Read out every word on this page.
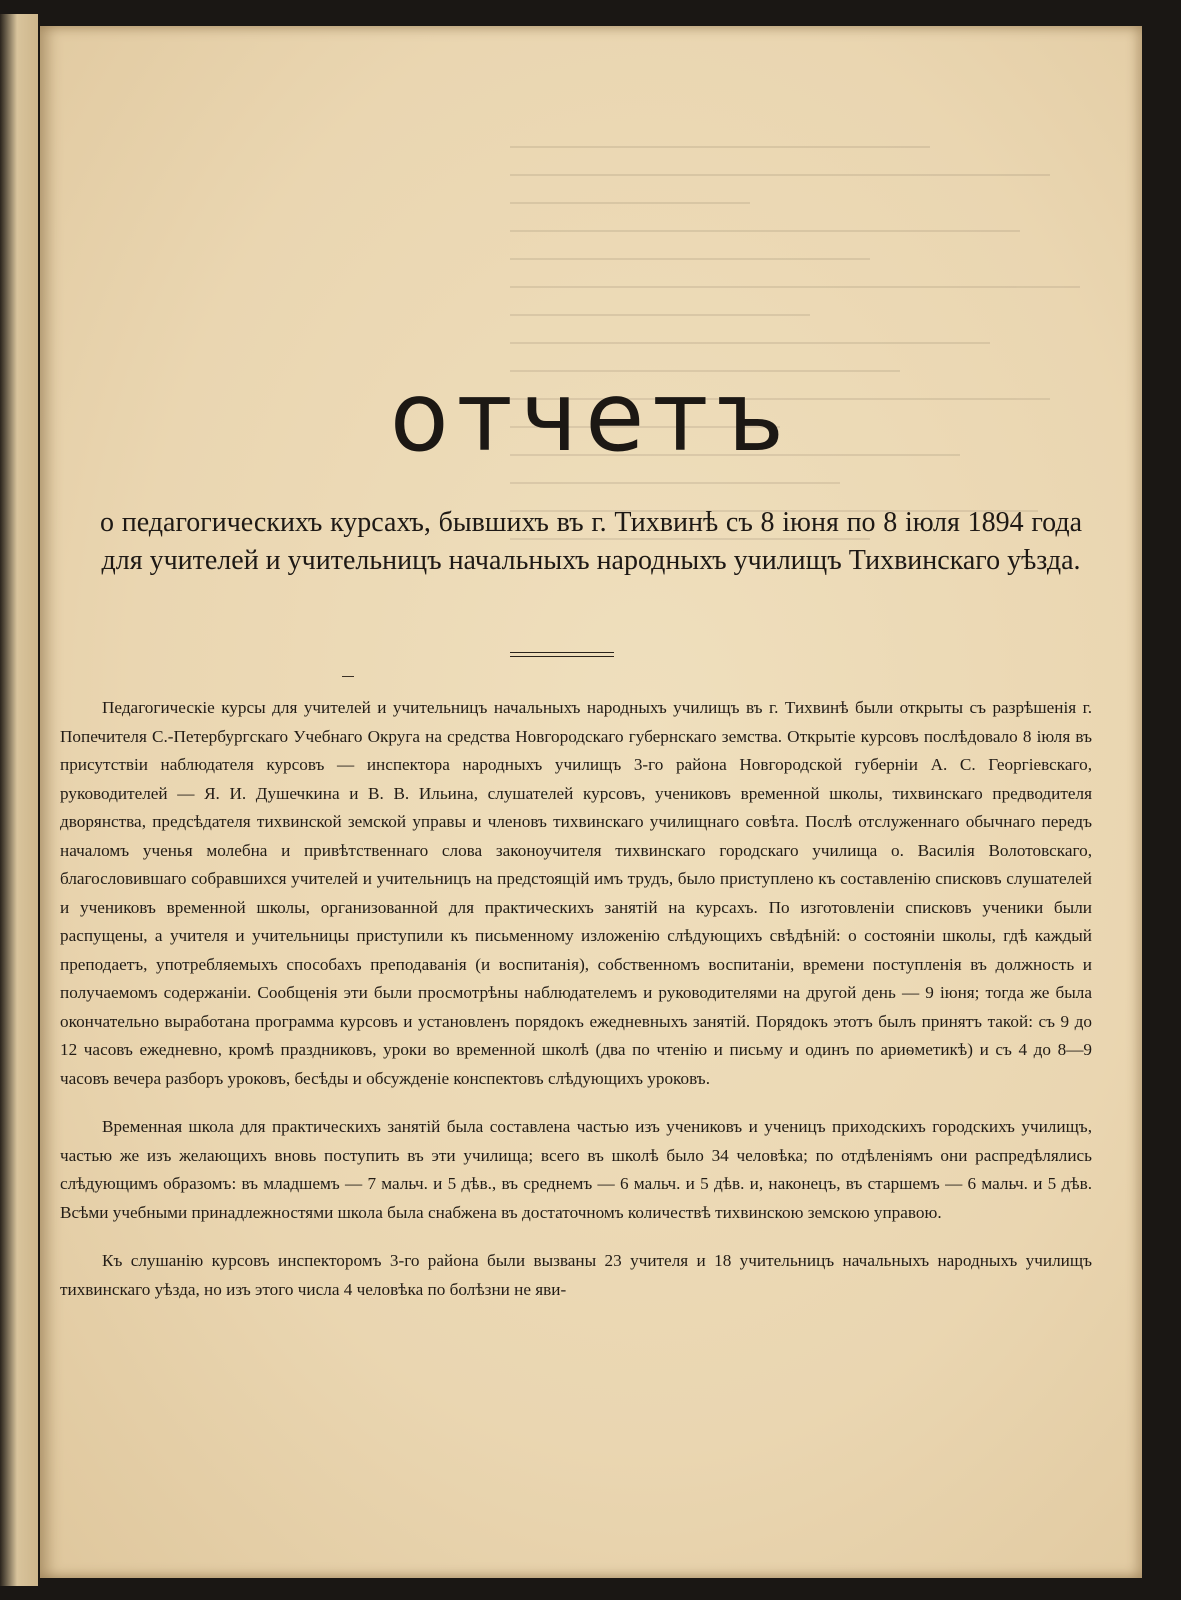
отчетъ
о педагогическихъ курсахъ, бывшихъ въ г. Тихвинѣ съ 8 іюня по 8 іюля 1894 года для учителей и учительницъ начальныхъ народныхъ училищъ Тихвинскаго уѣзда.

Педагогическіе курсы для учителей и учительницъ начальныхъ народныхъ училищъ въ г. Тихвинѣ были открыты съ разрѣшенія г. Попечителя С.-Петербургскаго Учебнаго Округа на средства Новгородскаго губернскаго земства. Открытіе курсовъ послѣдовало 8 іюля въ присутствіи наблюдателя курсовъ — инспектора народныхъ училищъ 3-го района Новгородской губерніи А. С. Георгіевскаго, руководителей — Я. И. Душечкина и В. В. Ильина, слушателей курсовъ, учениковъ временной школы, тихвинскаго предводителя дворянства, предсѣдателя тихвинской земской управы и членовъ тихвинскаго училищнаго совѣта. Послѣ отслуженнаго обычнаго передъ началомъ ученья молебна и привѣтственнаго слова законоучителя тихвинскаго городскаго училища о. Василія Волотовскаго, благословившаго собравшихся учителей и учительницъ на предстоящій имъ трудъ, было приступлено къ составленію списковъ слушателей и учениковъ временной школы, организованной для практическихъ занятій на курсахъ. По изготовленіи списковъ ученики были распущены, а учителя и учительницы приступили къ письменному изложенію слѣдующихъ свѣдѣній: о состояніи школы, гдѣ каждый преподаетъ, употребляемыхъ способахъ преподаванія (и воспитанія), собственномъ воспитаніи, времени поступленія въ должность и получаемомъ содержаніи. Сообщенія эти были просмотрѣны наблюдателемъ и руководителями на другой день — 9 іюня; тогда же была окончательно выработана программа курсовъ и установленъ порядокъ ежедневныхъ занятій. Порядокъ этотъ былъ принятъ такой: съ 9 до 12 часовъ ежедневно, кромѣ праздниковъ, уроки во временной школѣ (два по чтенію и письму и одинъ по ариѳметикѣ) и съ 4 до 8—9 часовъ вечера разборъ уроковъ, бесѣды и обсужденіе конспектовъ слѣдующихъ уроковъ.

Временная школа для практическихъ занятій была составлена частью изъ учениковъ и ученицъ приходскихъ городскихъ училищъ, частью же изъ желающихъ вновь поступить въ эти училища; всего въ школѣ было 34 человѣка; по отдѣленіямъ они распредѣлялись слѣдующимъ образомъ: въ младшемъ — 7 мальч. и 5 дѣв., въ среднемъ — 6 мальч. и 5 дѣв. и, наконецъ, въ старшемъ — 6 мальч. и 5 дѣв. Всѣми учебными принадлежностями школа была снабжена въ достаточномъ количествѣ тихвинскою земскою управою.

Къ слушанію курсовъ инспекторомъ 3-го района были вызваны 23 учителя и 18 учительницъ начальныхъ народныхъ училищъ тихвинскаго уѣзда, но изъ этого числа 4 человѣка по болѣзни не яви-
